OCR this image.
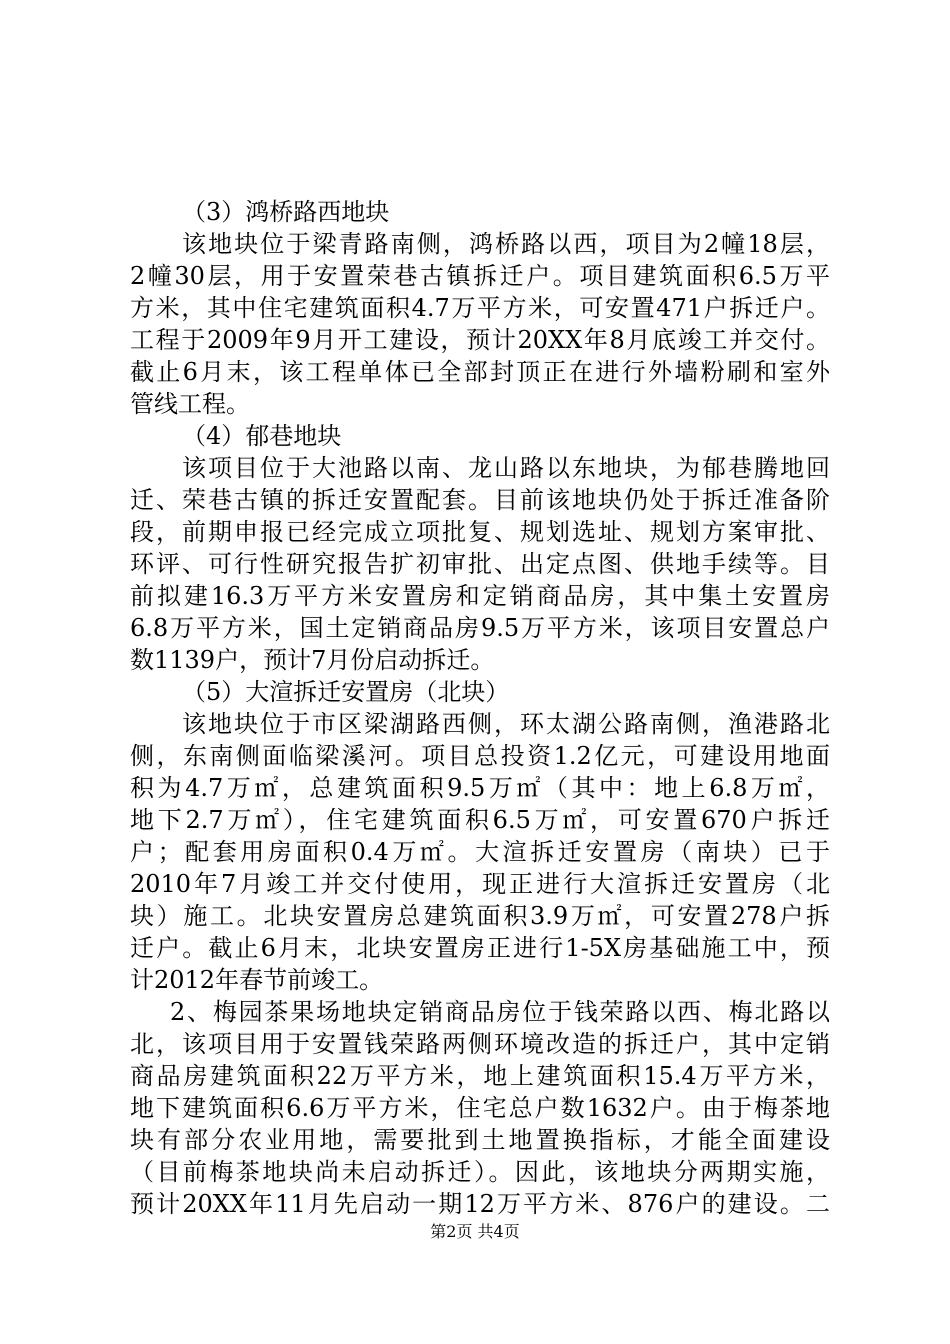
（3）鸿桥路西地块
该地块位于梁青路南侧，鸿桥路以西，项目为2幢18层，
2幢30层，用于安置荣巷古镇拆迁户。项目建筑面积6.5万平
方米，其中住宅建筑面积4.7万平方米，可安置471户拆迁户。
工程于2009年9月开工建设，预计20XX年8月底竣工并交付。
截止6月末，该工程单体已全部封顶正在进行外墙粉刷和室外
管线工程。
（4）郁巷地块
该项目位于大池路以南、龙山路以东地块，为郁巷腾地回
迁、荣巷古镇的拆迁安置配套。目前该地块仍处于拆迁准备阶
段，前期申报已经完成立项批复、规划选址、规划方案审批、
环评、可行性研究报告扩初审批、出定点图、供地手续等。目
前拟建16.3万平方米安置房和定销商品房，其中集土安置房
6.8万平方米，国土定销商品房9.5万平方米，该项目安置总户
数1139户，预计7月份启动拆迁。
（5）大渲拆迁安置房（北块）
该地块位于市区梁湖路西侧，环太湖公路南侧，渔港路北
侧，东南侧面临梁溪河。项目总投资1.2亿元，可建设用地面
积为4.7万㎡，总建筑面积9.5万㎡（其中：地上6.8万㎡，
地下2.7万㎡），住宅建筑面积6.5万㎡，可安置670户拆迁
户；配套用房面积0.4万㎡。大渲拆迁安置房（南块）已于
2010年7月竣工并交付使用，现正进行大渲拆迁安置房（北
块）施工。北块安置房总建筑面积3.9万㎡，可安置278户拆
迁户。截止6月末，北块安置房正进行1-5X房基础施工中，预
计2012年春节前竣工。
2、梅园茶果场地块定销商品房位于钱荣路以西、梅北路以
北，该项目用于安置钱荣路两侧环境改造的拆迁户，其中定销
商品房建筑面积22万平方米，地上建筑面积15.4万平方米，
地下建筑面积6.6万平方米，住宅总户数1632户。由于梅茶地
块有部分农业用地，需要批到土地置换指标，才能全面建设
（目前梅茶地块尚未启动拆迁）。因此，该地块分两期实施，
预计20XX年11月先启动一期12万平方米、876户的建设。二
第2页 共4页
